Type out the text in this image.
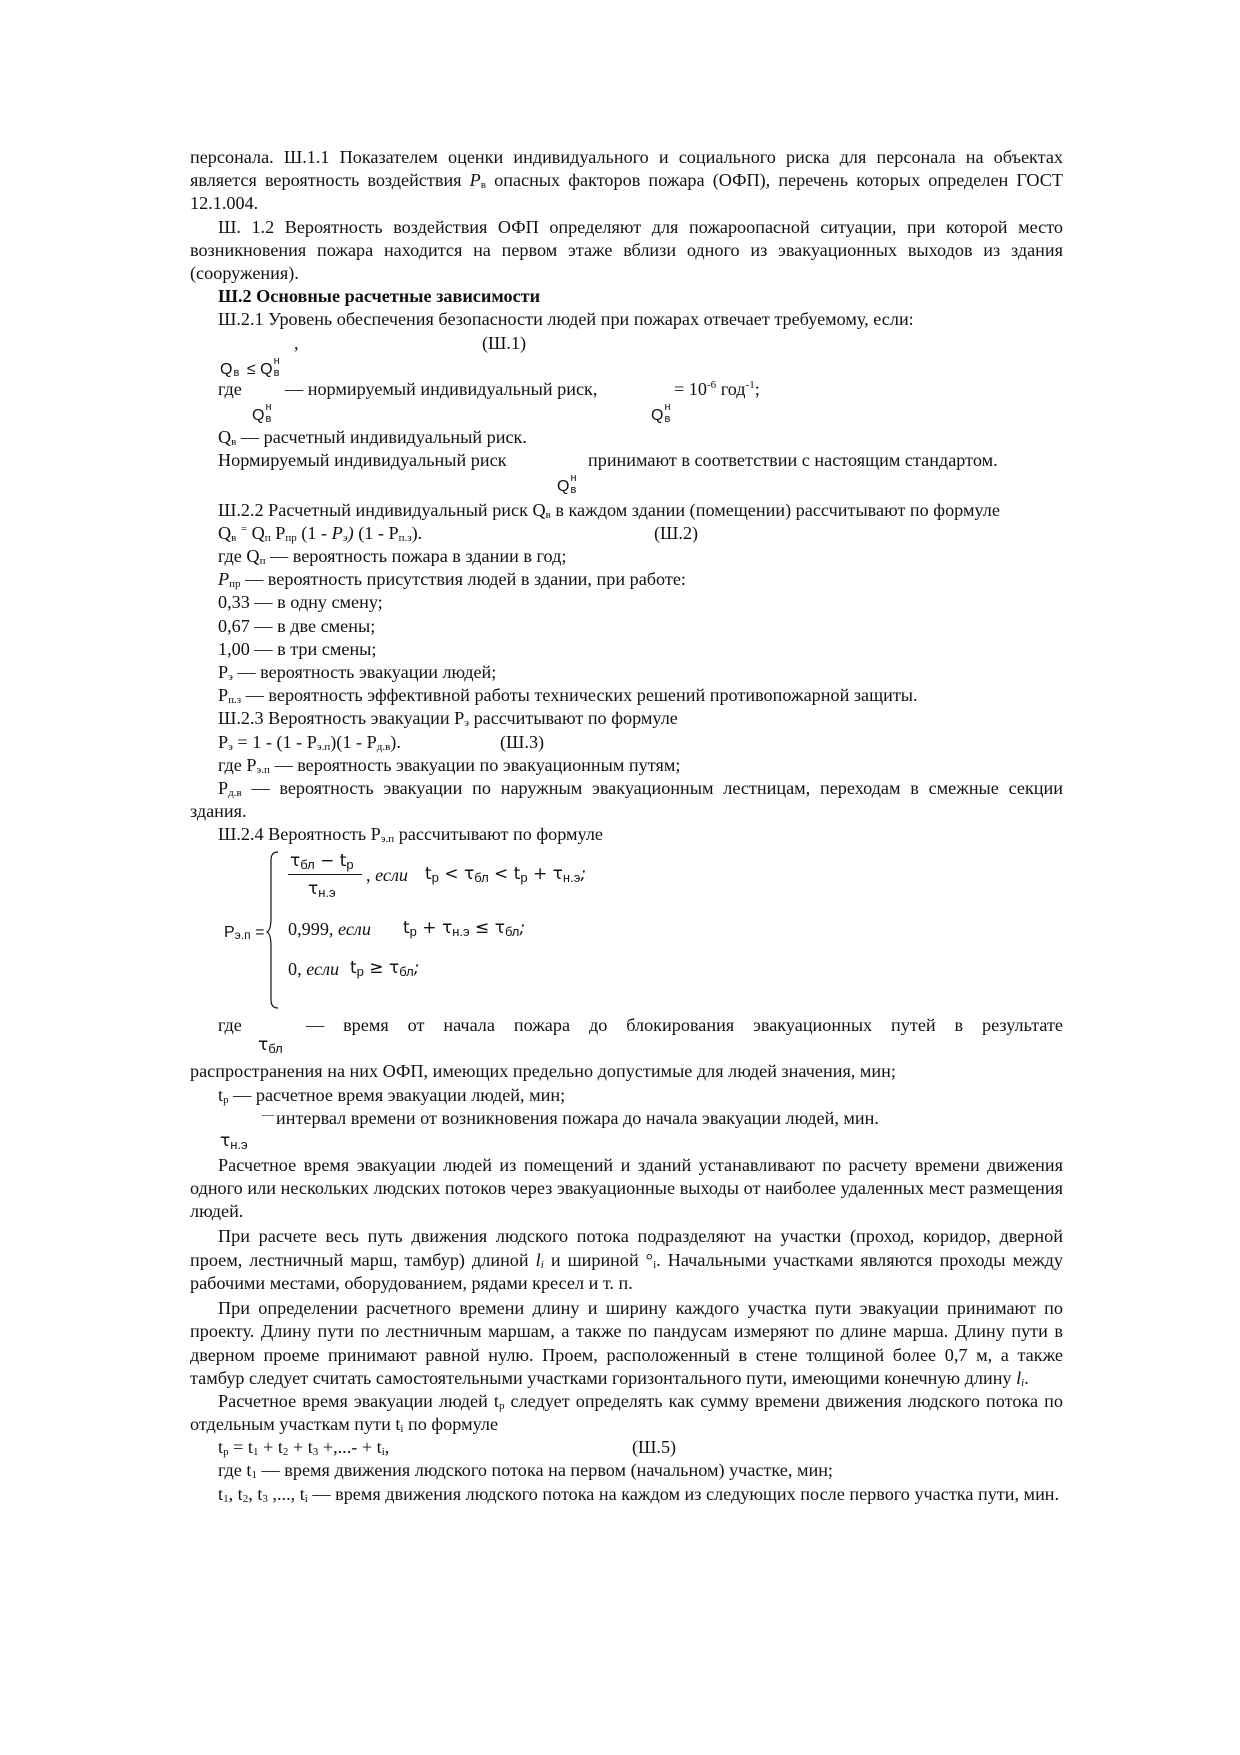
персонала. Ш.1.1 Показателем оценки индивидуального и социального риска для персонала на объектах является вероятность воздействия $P_в$ опасных факторов пожара (ОФП), перечень которых определен ГОСТ 12.1.004.

Ш. 1.2 Вероятность воздействия ОФП определяют для пожароопасной ситуации, при которой место возникновения пожара находится на первом этаже вблизи одного из эвакуационных выходов из здания (сооружения).

Ш.2 Основные расчетные зависимости

Ш.2.1 Уровень обеспечения безопасности людей при пожарах отвечает требуемому, если:

,	(Ш.1)
Q в ≤ Q н
в
где — нормируемый индивидуальный риск,	= $10^{-6}$ год$^{-1}$;
Q н
в	Q н
в

$Q_в$ — расчетный индивидуальный риск.

Нормируемый индивидуальный риск	принимают в соответствии с настоящим стандартом.
Q н
в

Ш.2.2 Расчетный индивидуальный риск $Q_в$ в каждом здании (помещении) рассчитывают по формуле

$Q_в$ = $Q_п$ $P_{пр}$ $(1 - P_э)$ $(1 - P_{п.з})$.	(Ш.2)

где $Q_п$ — вероятность пожара в здании в год;

$P_{пр}$ — вероятность присутствия людей в здании, при работе:

0,33 — в одну смену;

0,67 — в две смены;

1,00 — в три смены;

$P_э$ — вероятность эвакуации людей;

$P_{п.з}$ — вероятность эффективной работы технических решений противопожарной защиты.

Ш.2.3 Вероятность эвакуации $P_э$ рассчитывают по формуле

$P_э = 1 - (1 - P_{э.п})(1 - P_{д.в})$.	(Ш.3)

где $P_{э.п}$ — вероятность эвакуации по эвакуационным путям;

$P_{д.в}$ — вероятность эвакуации по наружным эвакуационным лестницам, переходам в смежные секции здания.

Ш.2.4 Вероятность $P_{э.п}$ рассчитывают по формуле

$P_{э.п}$ =
τбл − tр
τн.э
, если tр < τбл < tр + τн.э;
0,999, если tр + τн.э ≤ τбл;
0, если tр ≥ τбл;
где	— время от начала пожара до блокирования эвакуационных путей в результате
τбл

распространения на них ОФП, имеющих предельно допустимые для людей значения, мин;

$t_р$ — расчетное время эвакуации людей, мин;

— интервал времени от возникновения пожара до начала эвакуации людей, мин.
τн.э

Расчетное время эвакуации людей из помещений и зданий устанавливают по расчету времени движения одного или нескольких людских потоков через эвакуационные выходы от наиболее удаленных мест размещения людей.

При расчете весь путь движения людского потока подразделяют на участки (проход, коридор, дверной проем, лестничный марш, тамбур) длиной $l_i$ и шириной $^\circ_i$. Начальными участками являются проходы между рабочими местами, оборудованием, рядами кресел и т. п.

При определении расчетного времени длину и ширину каждого участка пути эвакуации принимают по проекту. Длину пути по лестничным маршам, а также по пандусам измеряют по длине марша. Длину пути в дверном проеме принимают равной нулю. Проем, расположенный в стене толщиной более 0,7 м, а также тамбур следует считать самостоятельными участками горизонтального пути, имеющими конечную длину $l_i$.

Расчетное время эвакуации людей $t_р$ следует определять как сумму времени движения людского потока по отдельным участкам пути $t_i$ по формуле

$t_р = t_1 + t_2 + t_3$ +,...- + $t_i$,	(Ш.5)

где $t_1$ — время движения людского потока на первом (начальном) участке, мин;

$t_1$, $t_2$, $t_3$ ,..., $t_i$ — время движения людского потока на каждом из следующих после первого участка пути, мин.
